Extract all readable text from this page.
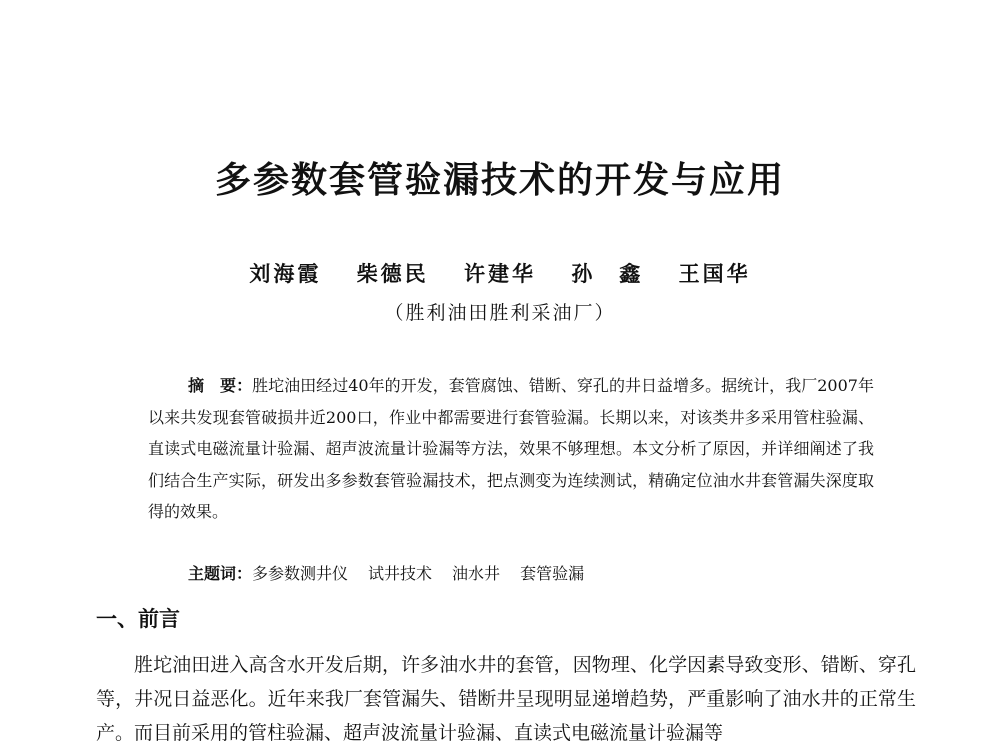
多参数套管验漏技术的开发与应用
刘海霞 柴德民 许建华 孙　鑫 王国华
（胜利油田胜利采油厂）

摘　要：胜坨油田经过40年的开发，套管腐蚀、错断、穿孔的井日益增多。据统计，我厂2007年以来共发现套管破损井近200口，作业中都需要进行套管验漏。长期以来，对该类井多采用管柱验漏、直读式电磁流量计验漏、超声波流量计验漏等方法，效果不够理想。本文分析了原因，并详细阐述了我们结合生产实际，研发出多参数套管验漏技术，把点测变为连续测试，精确定位油水井套管漏失深度取得的效果。

主题词：多参数测井仪 试井技术 油水井 套管验漏
一、前言

胜坨油田进入高含水开发后期，许多油水井的套管，因物理、化学因素导致变形、错断、穿孔等，井况日益恶化。近年来我厂套管漏失、错断井呈现明显递增趋势，严重影响了油水井的正常生产。而目前采用的管柱验漏、超声波流量计验漏、直读式电磁流量计验漏等
